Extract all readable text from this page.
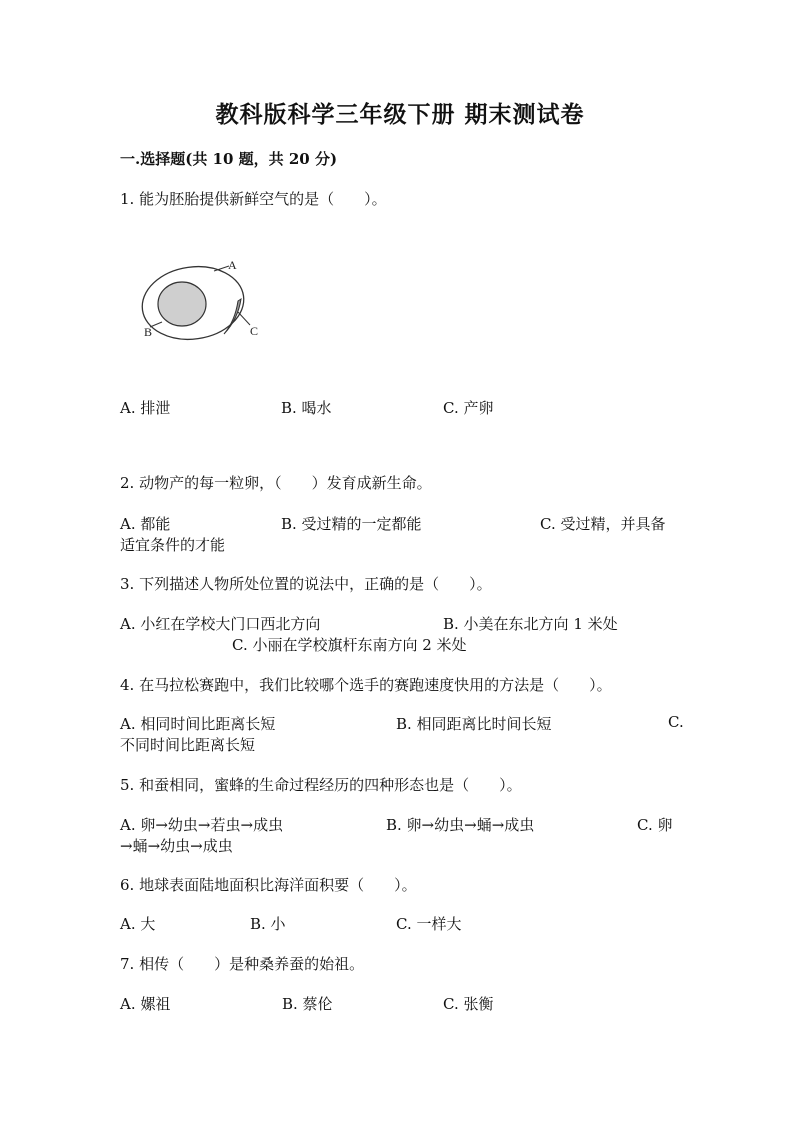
教科版科学三年级下册 期末测试卷
一.选择题(共 10 题，共 20 分)
1. 能为胚胎提供新鲜空气的是（　　）。
A
B	C
A. 排泄	B. 喝水	C. 产卵
2. 动物产的每一粒卵，（　　）发育成新生命。
A. 都能	B. 受过精的一定都能	C. 受过精，并具备
适宜条件的才能
3. 下列描述人物所处位置的说法中，正确的是（　　）。
A. 小红在学校大门口西北方向	B. 小美在东北方向 1 米处
C. 小丽在学校旗杆东南方向 2 米处
4. 在马拉松赛跑中，我们比较哪个选手的赛跑速度快用的方法是（　　）。
A. 相同时间比距离长短	B. 相同距离比时间长短	C.
不同时间比距离长短
5. 和蚕相同，蜜蜂的生命过程经历的四种形态也是（　　）。
A. 卵→幼虫→若虫→成虫	B. 卵→幼虫→蛹→成虫	C. 卵
→蛹→幼虫→成虫
6. 地球表面陆地面积比海洋面积要（　　）。
A. 大	B. 小	C. 一样大
7. 相传（　　）是种桑养蚕的始祖。
A. 嫘祖	B. 蔡伦	C. 张衡
